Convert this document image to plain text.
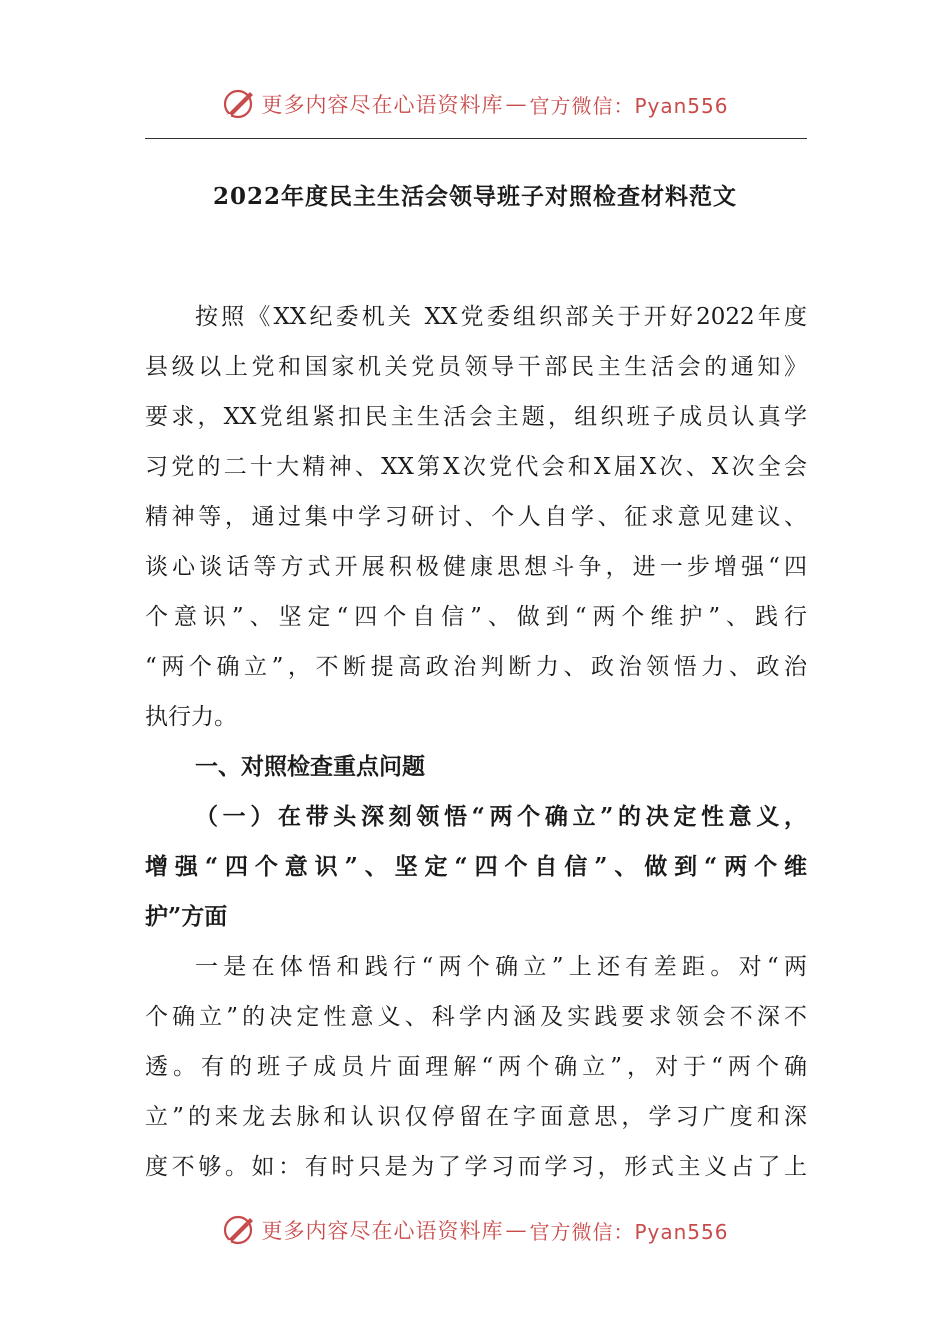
更多内容尽在心语资料库 — 官方微信：Pyan556
2022年度民主生活会领导班子对照检查材料范文
按照《XX纪委机关 XX党委组织部关于开好2022年度
县级以上党和国家机关党员领导干部民主生活会的通知》
要求，XX党组紧扣民主生活会主题，组织班子成员认真学
习党的二十大精神、XX第X次党代会和X届X次、X次全会
精神等，通过集中学习研讨、个人自学、征求意见建议、
谈心谈话等方式开展积极健康思想斗争，进一步增强“四
个意识”、坚定“四个自信”、做到“两个维护”、践行
“两个确立”，不断提高政治判断力、政治领悟力、政治
执行力。
一、对照检查重点问题
（一）在带头深刻领悟“两个确立”的决定性意义，
增强“四个意识”、坚定“四个自信”、做到“两个维
护”方面
一是在体悟和践行“两个确立”上还有差距。对“两
个确立”的决定性意义、科学内涵及实践要求领会不深不
透。有的班子成员片面理解“两个确立”，对于“两个确
立”的来龙去脉和认识仅停留在字面意思，学习广度和深
度不够。如：有时只是为了学习而学习，形式主义占了上
更多内容尽在心语资料库 — 官方微信：Pyan556
